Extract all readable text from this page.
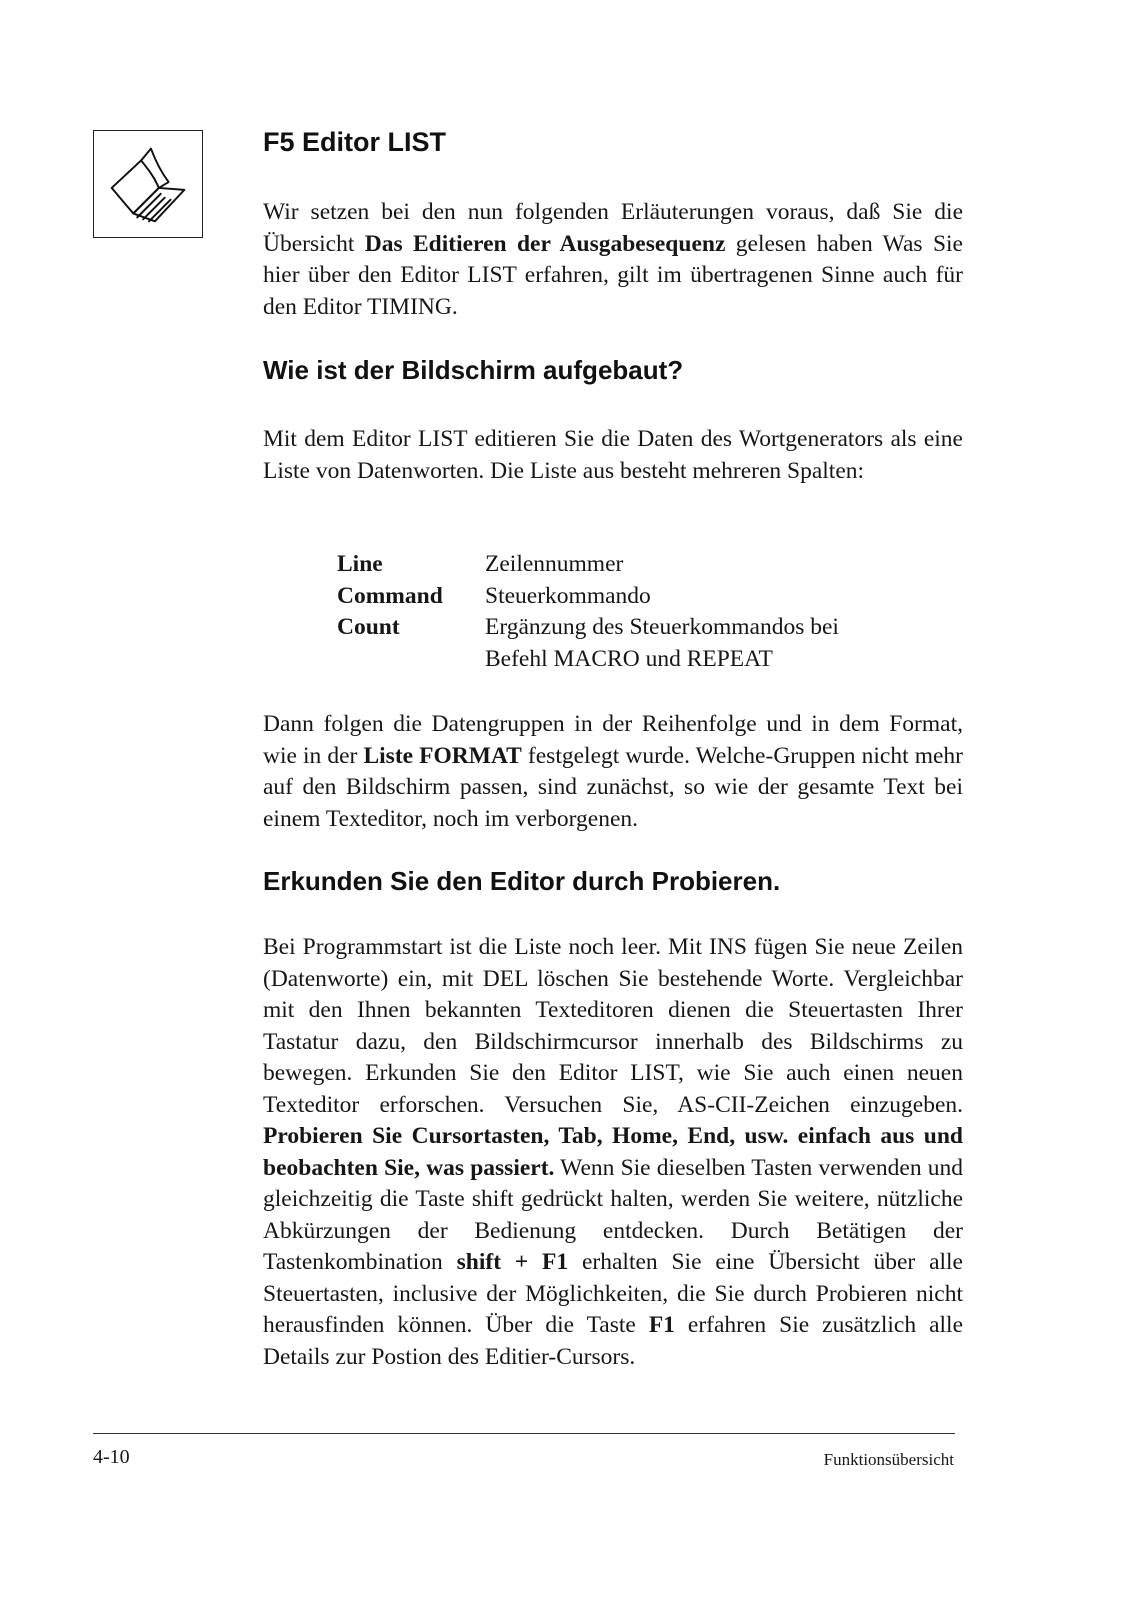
F5 Editor LIST

Wir setzen bei den nun folgenden Erläuterungen voraus, daß Sie die Übersicht Das Editieren der Ausgabesequenz gelesen haben Was Sie hier über den Editor LIST erfahren, gilt im übertragenen Sinne auch für den Editor TIMING.

Wie ist der Bildschirm aufgebaut?

Mit dem Editor LIST editieren Sie die Daten des Wortgenerators als eine Liste von Datenworten. Die Liste aus besteht mehreren Spalten:

Dann folgen die Datengruppen in der Reihenfolge und in dem Format, wie in der Liste FORMAT festgelegt wurde. Welche-Gruppen nicht mehr auf den Bildschirm passen, sind zunächst, so wie der gesamte Text bei einem Texteditor, noch im verborgenen.

Erkunden Sie den Editor durch Probieren.

Bei Programmstart ist die Liste noch leer. Mit INS fügen Sie neue Zeilen (Datenworte) ein, mit DEL löschen Sie bestehende Worte. Vergleichbar mit den Ihnen bekannten Texteditoren dienen die Steuertasten Ihrer Tastatur dazu, den Bildschirmcursor innerhalb des Bildschirms zu bewegen. Erkunden Sie den Editor LIST, wie Sie auch einen neuen Texteditor erforschen. Versuchen Sie, AS-CII-Zeichen einzugeben. Probieren Sie Cursortasten, Tab, Home, End, usw. einfach aus und beobachten Sie, was passiert. Wenn Sie dieselben Tasten verwenden und gleichzeitig die Taste shift gedrückt halten, werden Sie weitere, nützliche Abkürzungen der Bedienung entdecken. Durch Betätigen der Tastenkombination shift + F1 erhalten Sie eine Übersicht über alle Steuertasten, inclusive der Möglichkeiten, die Sie durch Probieren nicht herausfinden können. Über die Taste F1 erfahren Sie zusätzlich alle Details zur Postion des Editier-Cursors.

Line	Zeilennummer
Command	Steuerkommando
Count	Ergänzung des Steuerkommandos bei Befehl MACRO und REPEAT
4-10	Funktionsübersicht
